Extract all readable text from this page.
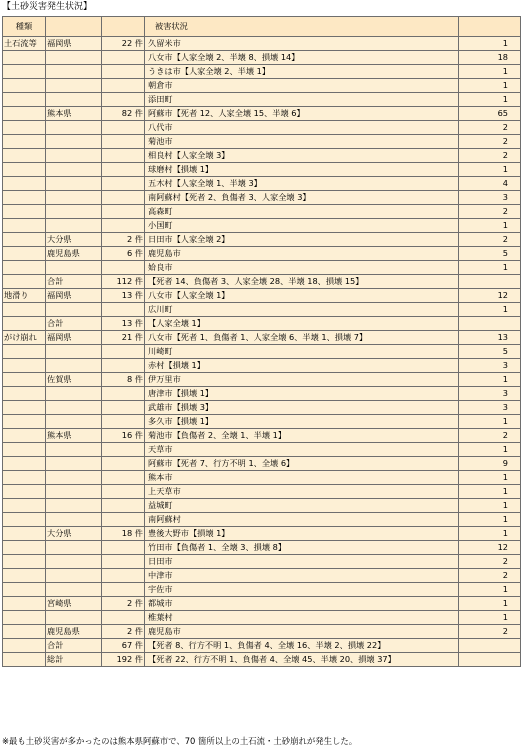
【土砂災害発生状況】
種類			被害状況	
土石流等	福岡県	22 件	久留米市	1
			八女市【人家全壊 2、半壊 8、損壊 14】	18
			うきは市【人家全壊 2、半壊 1】	1
			朝倉市	1
			添田町	1
	熊本県	82 件	阿蘇市【死者 12、人家全壊 15、半壊 6】	65
			八代市	2
			菊池市	2
			相良村【人家全壊 3】	2
			球磨村【損壊 1】	1
			五木村【人家全壊 1、半壊 3】	4
			南阿蘇村【死者 2、負傷者 3、人家全壊 3】	3
			高森町	2
			小国町	1
	大分県	2 件	日田市【人家全壊 2】	2
	鹿児島県	6 件	鹿児島市	5
			姶良市	1
	合計	112 件	【死者 14、負傷者 3、人家全壊 28、半壊 18、損壊 15】	
地滑り	福岡県	13 件	八女市【人家全壊 1】	12
			広川町	1
	合計	13 件	【人家全壊 1】	
がけ崩れ	福岡県	21 件	八女市【死者 1、負傷者 1、人家全壊 6、半壊 1、損壊 7】	13
			川崎町	5
			赤村【損壊 1】	3
	佐賀県	8 件	伊万里市	1
			唐津市【損壊 1】	3
			武雄市【損壊 3】	3
			多久市【損壊 1】	1
	熊本県	16 件	菊池市【負傷者 2、全壊 1、半壊 1】	2
			天草市	1
			阿蘇市【死者 7、行方不明 1、全壊 6】	9
			熊本市	1
			上天草市	1
			益城町	1
			南阿蘇村	1
	大分県	18 件	豊後大野市【損壊 1】	1
			竹田市【負傷者 1、全壊 3、損壊 8】	12
			日田市	2
			中津市	2
			宇佐市	1
	宮崎県	2 件	都城市	1
			椎葉村	1
	鹿児島県	2 件	鹿児島市	2
	合計	67 件	【死者 8、行方不明 1、負傷者 4、全壊 16、半壊 2、損壊 22】	
	総計	192 件	【死者 22、行方不明 1、負傷者 4、全壊 45、半壊 20、損壊 37】	
※最も土砂災害が多かったのは熊本県阿蘇市で、70 箇所以上の土石流・土砂崩れが発生した。
